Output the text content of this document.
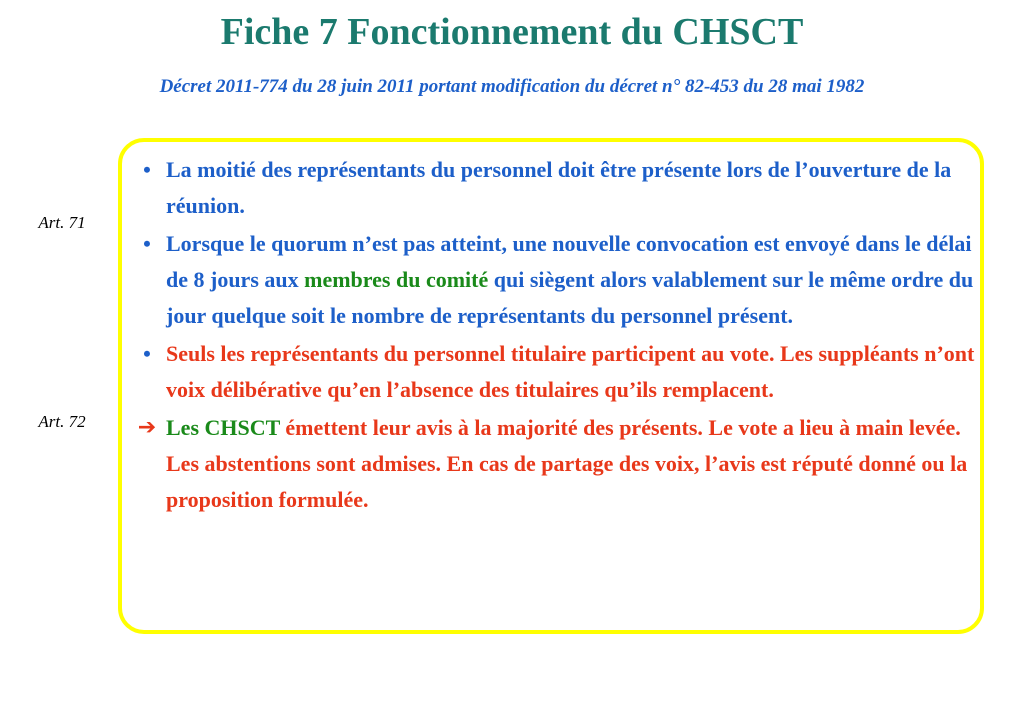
Fiche 7 Fonctionnement du CHSCT
Décret 2011-774 du 28 juin 2011 portant modification du décret n° 82-453 du 28 mai 1982
Art. 71
Art. 72

• La moitié des représentants du personnel doit être présente lors de l’ouverture de la réunion.

• Lorsque le quorum n’est pas atteint, une nouvelle convocation est envoyé dans le délai de 8 jours aux membres du comité qui siègent alors valablement sur le même ordre du jour quelque soit le nombre de représentants du personnel présent.

• Seuls les représentants du personnel titulaire participent au vote. Les suppléants n’ont voix délibérative qu’en l’absence des titulaires qu’ils remplacent.

➔ Les CHSCT émettent leur avis à la majorité des présents. Le vote a lieu à main levée. Les abstentions sont admises. En cas de partage des voix, l’avis est réputé donné ou la proposition formulée.
